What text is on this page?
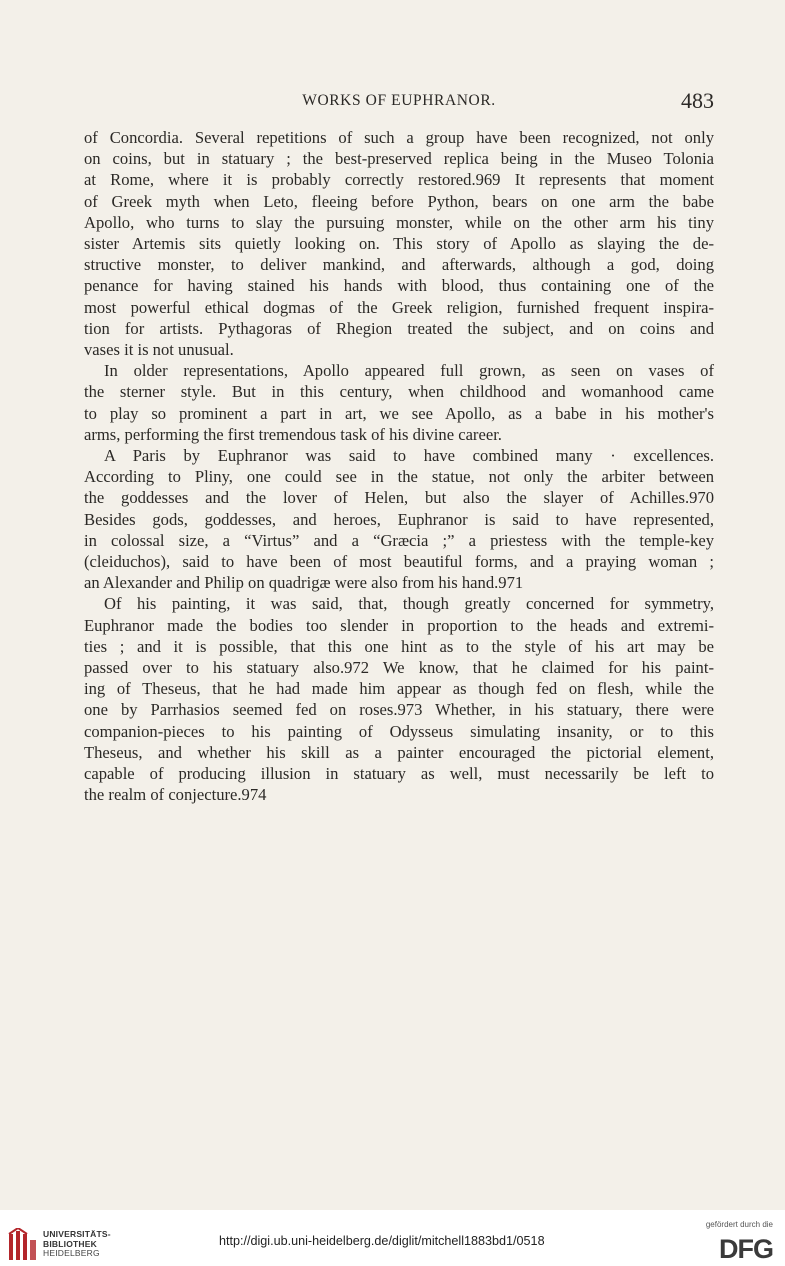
WORKS OF EUPHRANOR.	483

of Concordia. Several repetitions of such a group have been recognized, not only
on coins, but in statuary ; the best-preserved replica being in the Museo Tolonia
at Rome, where it is probably correctly restored.969 It represents that moment
of Greek myth when Leto, fleeing before Python, bears on one arm the babe
Apollo, who turns to slay the pursuing monster, while on the other arm his tiny
sister Artemis sits quietly looking on. This story of Apollo as slaying the de-
structive monster, to deliver mankind, and afterwards, although a god, doing
penance for having stained his hands with blood, thus containing one of the
most powerful ethical dogmas of the Greek religion, furnished frequent inspira-
tion for artists. Pythagoras of Rhegion treated the subject, and on coins and
vases it is not unusual.

In older representations, Apollo appeared full grown, as seen on vases of
the sterner style. But in this century, when childhood and womanhood came
to play so prominent a part in art, we see Apollo, as a babe in his mother's
arms, performing the first tremendous task of his divine career.

A Paris by Euphranor was said to have combined many · excellences.
According to Pliny, one could see in the statue, not only the arbiter between
the goddesses and the lover of Helen, but also the slayer of Achilles.970
Besides gods, goddesses, and heroes, Euphranor is said to have represented,
in colossal size, a “Virtus” and a “Græcia ;” a priestess with the temple-key
(cleiduchos), said to have been of most beautiful forms, and a praying woman ;
an Alexander and Philip on quadrigæ were also from his hand.971

Of his painting, it was said, that, though greatly concerned for symmetry,
Euphranor made the bodies too slender in proportion to the heads and extremi-
ties ; and it is possible, that this one hint as to the style of his art may be
passed over to his statuary also.972 We know, that he claimed for his paint-
ing of Theseus, that he had made him appear as though fed on flesh, while the
one by Parrhasios seemed fed on roses.973 Whether, in his statuary, there were
companion-pieces to his painting of Odysseus simulating insanity, or to this
Theseus, and whether his skill as a painter encouraged the pictorial element,
capable of producing illusion in statuary as well, must necessarily be left to
the realm of conjecture.974

UNIVERSITÄTS-
BIBLIOTHEK
HEIDELBERG
http://digi.ub.uni-heidelberg.de/diglit/mitchell1883bd1/0518
gefördert durch die
DFG
